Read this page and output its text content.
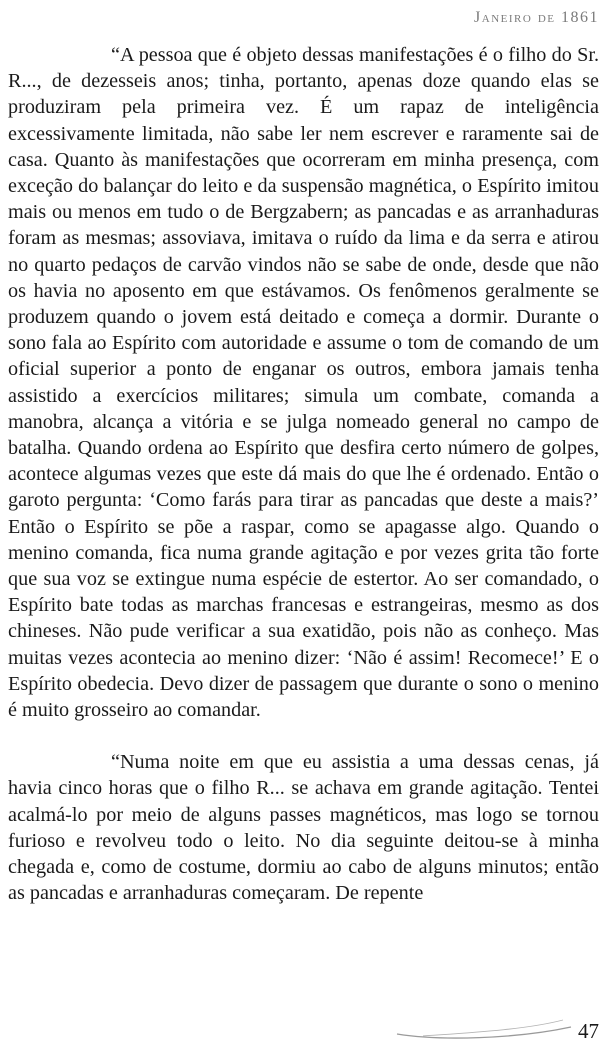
Janeiro de 1861

“A pessoa que é objeto dessas manifestações é o filho do Sr. R..., de dezesseis anos; tinha, portanto, apenas doze quando elas se produziram pela primeira vez. É um rapaz de inteligência excessivamente limitada, não sabe ler nem escrever e raramente sai de casa. Quanto às manifestações que ocorreram em minha presença, com exceção do balançar do leito e da suspensão magnética, o Espírito imitou mais ou menos em tudo o de Bergzabern; as pancadas e as arranhaduras foram as mesmas; assoviava, imitava o ruído da lima e da serra e atirou no quarto pedaços de carvão vindos não se sabe de onde, desde que não os havia no aposento em que estávamos. Os fenômenos geralmente se produzem quando o jovem está deitado e começa a dormir. Durante o sono fala ao Espírito com autoridade e assume o tom de comando de um oficial superior a ponto de enganar os outros, embora jamais tenha assistido a exercícios militares; simula um combate, comanda a manobra, alcança a vitória e se julga nomeado general no campo de batalha. Quando ordena ao Espírito que desfira certo número de golpes, acontece algumas vezes que este dá mais do que lhe é ordenado. Então o garoto pergunta: ‘Como farás para tirar as pancadas que deste a mais?’ Então o Espírito se põe a raspar, como se apagasse algo. Quando o menino comanda, fica numa grande agitação e por vezes grita tão forte que sua voz se extingue numa espécie de estertor. Ao ser comandado, o Espírito bate todas as marchas francesas e estrangeiras, mesmo as dos chineses. Não pude verificar a sua exatidão, pois não as conheço. Mas muitas vezes acontecia ao menino dizer: ‘Não é assim! Recomece!’ E o Espírito obedecia. Devo dizer de passagem que durante o sono o menino é muito grosseiro ao comandar.

“Numa noite em que eu assistia a uma dessas cenas, já havia cinco horas que o filho R... se achava em grande agitação. Tentei acalmá-lo por meio de alguns passes magnéticos, mas logo se tornou furioso e revolveu todo o leito. No dia seguinte deitou-se à minha chegada e, como de costume, dormiu ao cabo de alguns minutos; então as pancadas e arranhaduras começaram. De repente

47
